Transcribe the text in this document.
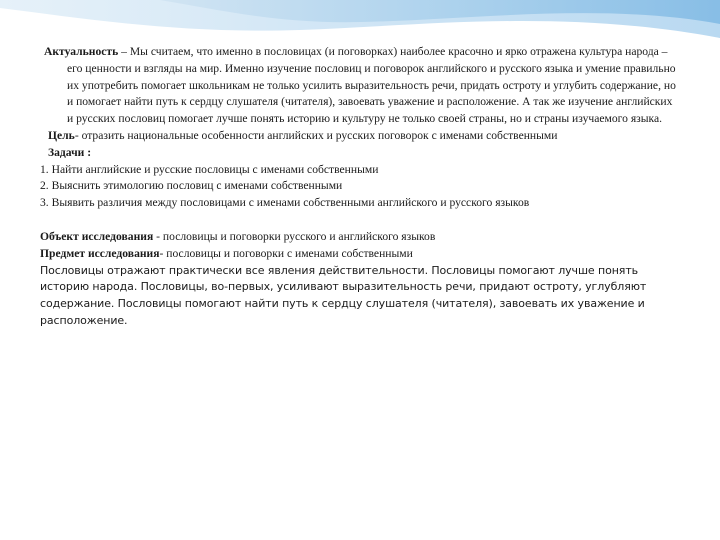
Актуальность – Мы считаем, что именно в пословицах (и поговорках) наиболее красочно и ярко отражена культура народа – его ценности и взгляды на мир. Именно изучение пословиц и поговорок английского и русского языка и умение правильно их употребить помогает школьникам не только усилить выразительность речи, придать остроту и углубить содержание, но и помогает найти путь к сердцу слушателя (читателя), завоевать уважение и расположение. А так же изучение английских и русских пословиц помогает лучше понять историю и культуру не только своей страны, но и страны изучаемого языка.

Цель- отразить национальные особенности английских и русских поговорок с именами собственными

Задачи :

1. Найти английские и русские пословицы с именами собственными

2. Выяснить этимологию пословиц с именами собственными

3. Выявить различия между пословицами с именами собственными английского и русского языков

Объект исследования - пословицы и поговорки русского и английского языков

Предмет исследования- пословицы и поговорки с именами собственными

Пословицы отражают практически все явления действительности. Пословицы помогают лучше понять историю народа. Пословицы, во-первых, усиливают выразительность речи, придают остроту, углубляют содержание. Пословицы помогают найти путь к сердцу слушателя (читателя), завоевать их уважение и расположение.
